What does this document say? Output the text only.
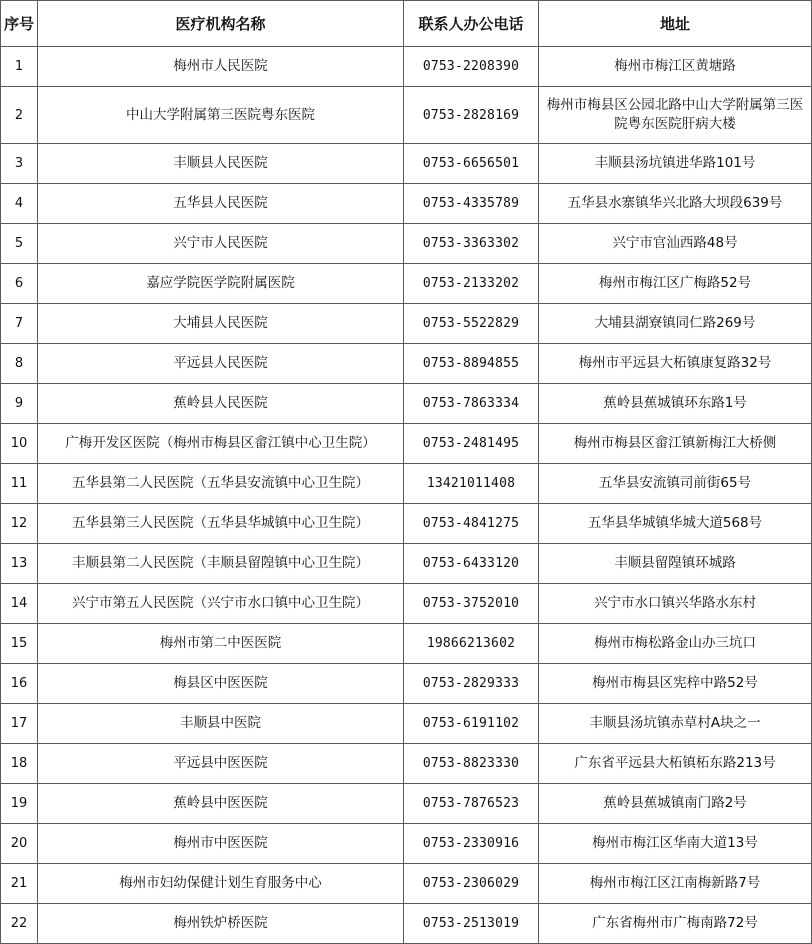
序号	医疗机构名称	联系人办公电话	地址
1	梅州市人民医院	0753-2208390	梅州市梅江区黄塘路
2	中山大学附属第三医院粤东医院	0753-2828169	梅州市梅县区公园北路中山大学附属第三医院粤东医院肝病大楼
3	丰顺县人民医院	0753-6656501	丰顺县汤坑镇进华路101号
4	五华县人民医院	0753-4335789	五华县水寨镇华兴北路大坝段639号
5	兴宁市人民医院	0753-3363302	兴宁市官汕西路48号
6	嘉应学院医学院附属医院	0753-2133202	梅州市梅江区广梅路52号
7	大埔县人民医院	0753-5522829	大埔县湖寮镇同仁路269号
8	平远县人民医院	0753-8894855	梅州市平远县大柘镇康复路32号
9	蕉岭县人民医院	0753-7863334	蕉岭县蕉城镇环东路1号
10	广梅开发区医院（梅州市梅县区畲江镇中心卫生院）	0753-2481495	梅州市梅县区畲江镇新梅江大桥侧
11	五华县第二人民医院（五华县安流镇中心卫生院）	13421011408	五华县安流镇司前街65号
12	五华县第三人民医院（五华县华城镇中心卫生院）	0753-4841275	五华县华城镇华城大道568号
13	丰顺县第二人民医院（丰顺县留隍镇中心卫生院）	0753-6433120	丰顺县留隍镇环城路
14	兴宁市第五人民医院（兴宁市水口镇中心卫生院）	0753-3752010	兴宁市水口镇兴华路水东村
15	梅州市第二中医医院	19866213602	梅州市梅松路金山办三坑口
16	梅县区中医医院	0753-2829333	梅州市梅县区宪梓中路52号
17	丰顺县中医院	0753-6191102	丰顺县汤坑镇赤草村A块之一
18	平远县中医医院	0753-8823330	广东省平远县大柘镇柘东路213号
19	蕉岭县中医医院	0753-7876523	蕉岭县蕉城镇南门路2号
20	梅州市中医医院	0753-2330916	梅州市梅江区华南大道13号
21	梅州市妇幼保健计划生育服务中心	0753-2306029	梅州市梅江区江南梅新路7号
22	梅州铁炉桥医院	0753-2513019	广东省梅州市广梅南路72号
